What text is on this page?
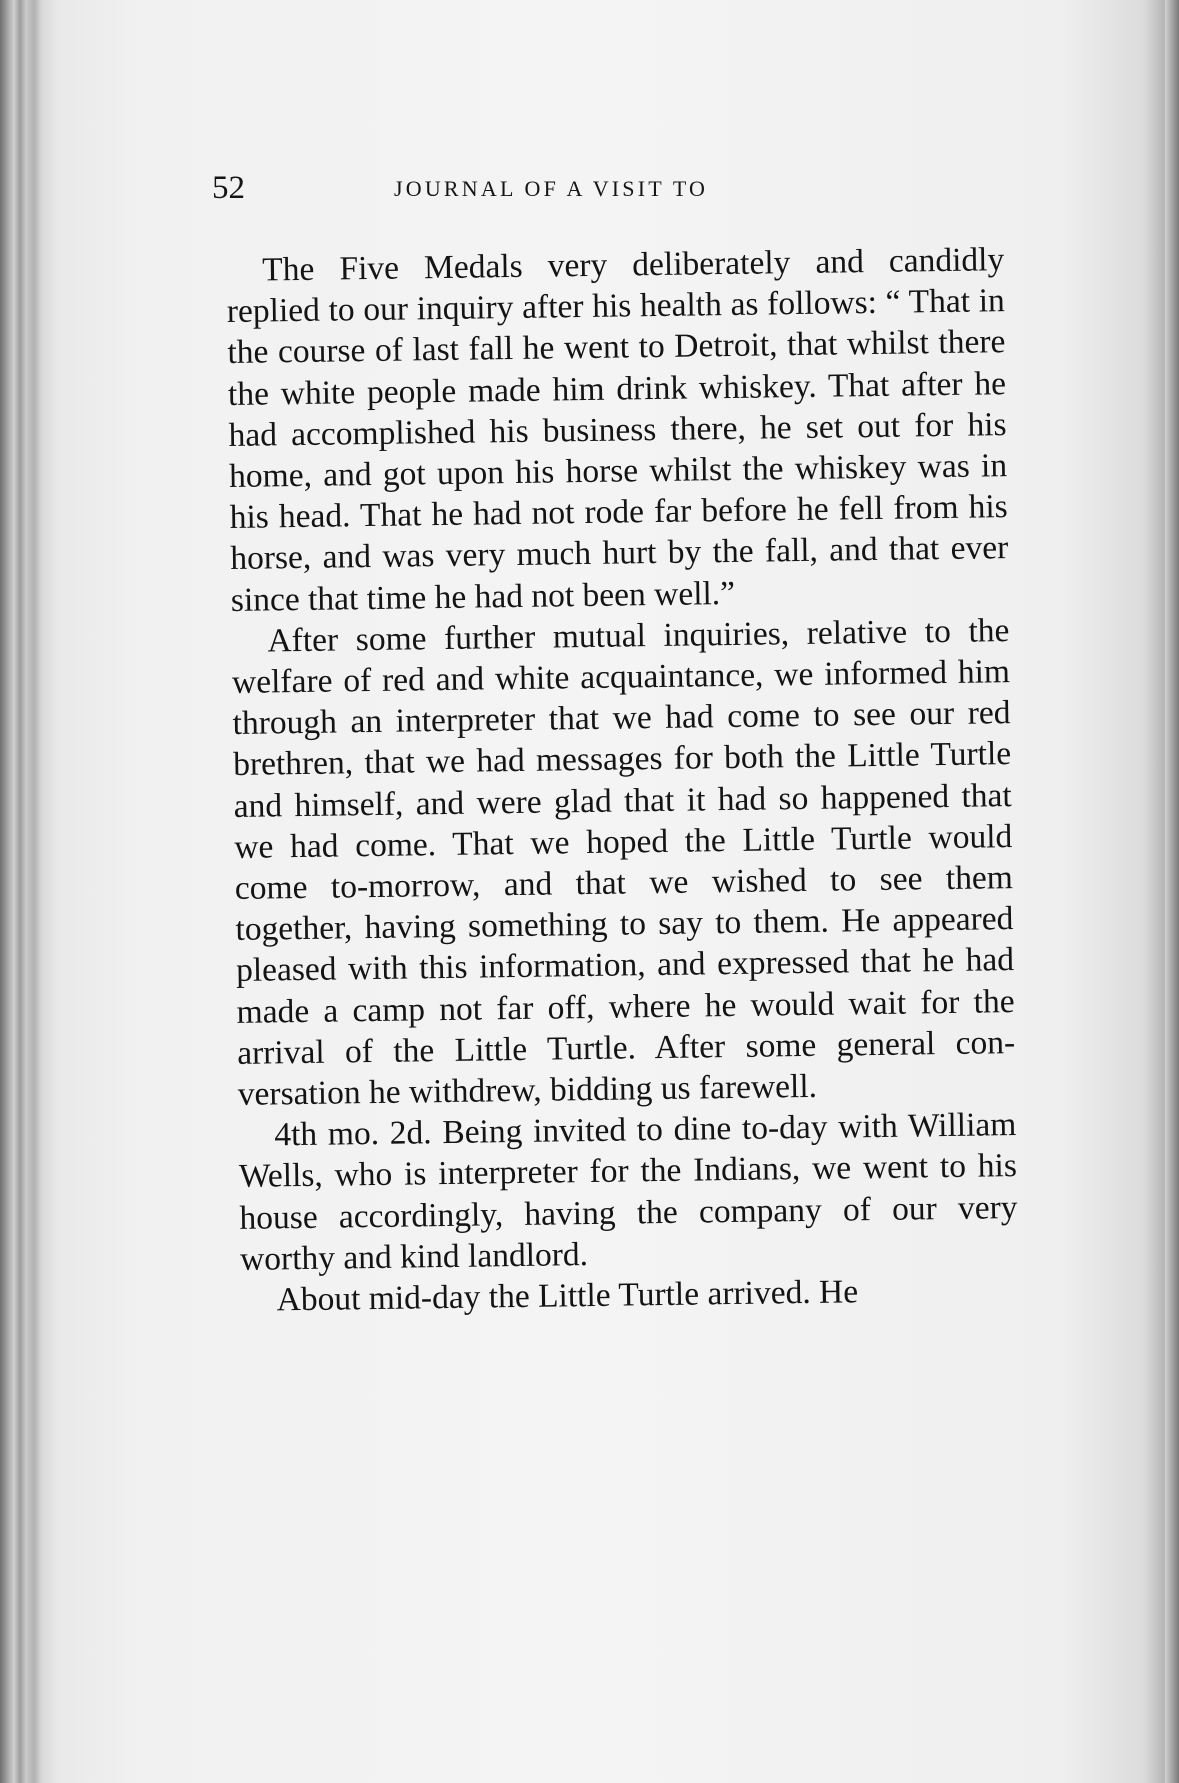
52	JOURNAL OF A VISIT TO

The Five Medals very deliberately and candidly replied to our inquiry after his health as follows: “ That in the course of last fall he went to Detroit, that whilst there the white people made him drink whiskey. That after he had accomplished his business there, he set out for his home, and got upon his horse whilst the whiskey was in his head. That he had not rode far before he fell from his horse, and was very much hurt by the fall, and that ever since that time he had not been well.”

After some further mutual inquiries, relative to the welfare of red and white acquaintance, we informed him through an interpreter that we had come to see our red brethren, that we had messages for both the Little Turtle and himself, and were glad that it had so happened that we had come. That we hoped the Little Turtle would come to-morrow, and that we wished to see them together, having something to say to them. He appeared pleased with this information, and expressed that he had made a camp not far off, where he would wait for the arrival of the Little Turtle. After some general conversation he withdrew, bidding us farewell.

4th mo. 2d. Being invited to dine to-day with William Wells, who is interpreter for the Indians, we went to his house accordingly, having the company of our very worthy and kind landlord.

About mid-day the Little Turtle arrived. He
